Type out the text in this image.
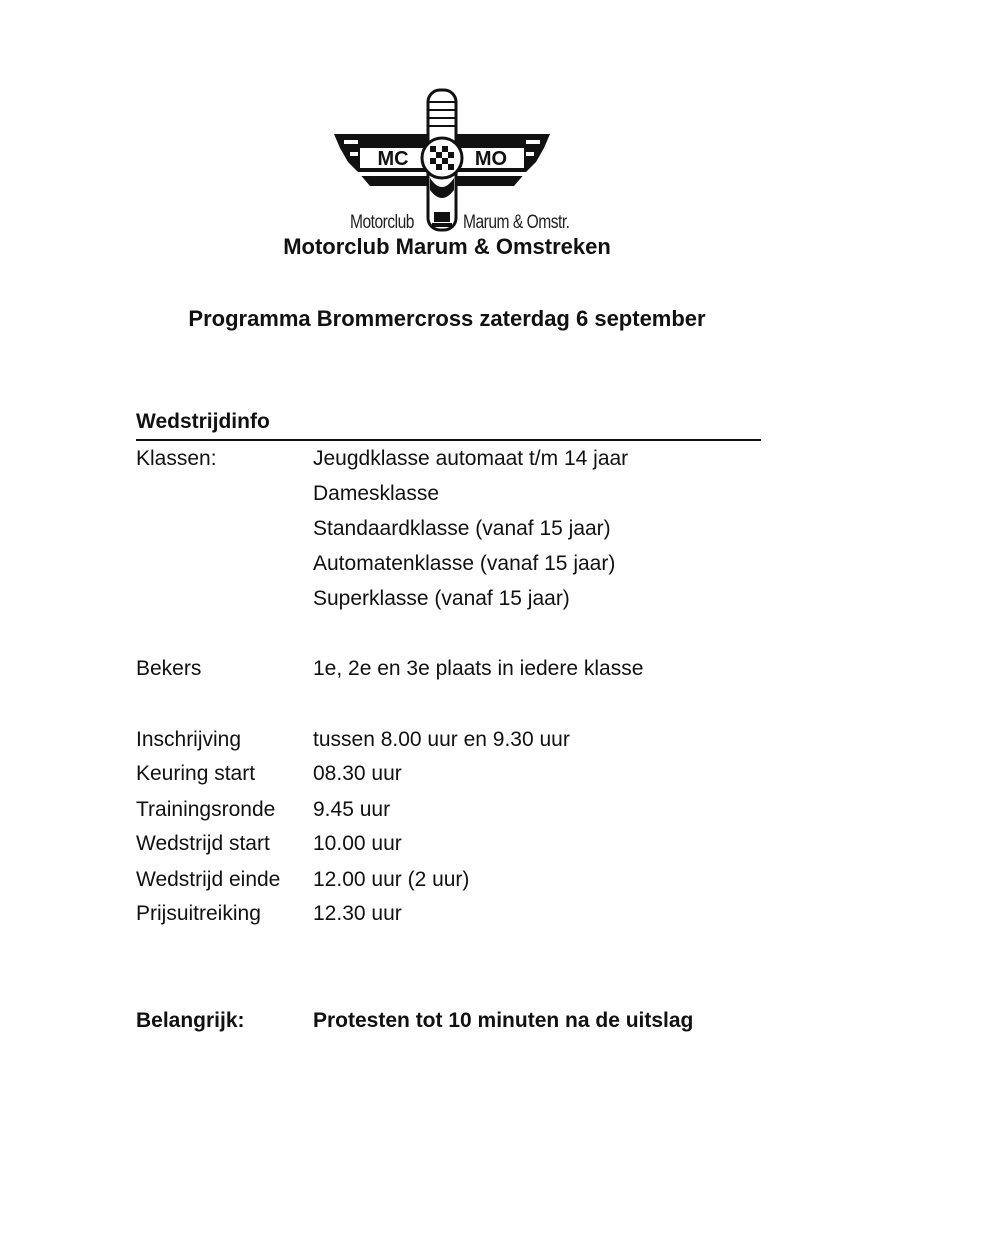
MC	MO
Motorclub	Marum & Omstr.
Motorclub Marum & Omstreken
Programma Brommercross zaterdag 6 september
Wedstrijdinfo
Klassen:	Jeugdklasse automaat t/m 14 jaar
Damesklasse
Standaardklasse (vanaf 15 jaar)
Automatenklasse (vanaf 15 jaar)
Superklasse (vanaf 15 jaar)
Bekers	1e, 2e en 3e plaats in iedere klasse
Inschrijving	tussen 8.00 uur en 9.30 uur
Keuring start	08.30 uur
Trainingsronde 9.45 uur
Wedstrijd start 10.00 uur
Wedstrijd einde 12.00 uur (2 uur)
Prijsuitreiking 12.30 uur
Belangrijk:	Protesten tot 10 minuten na de uitslag
